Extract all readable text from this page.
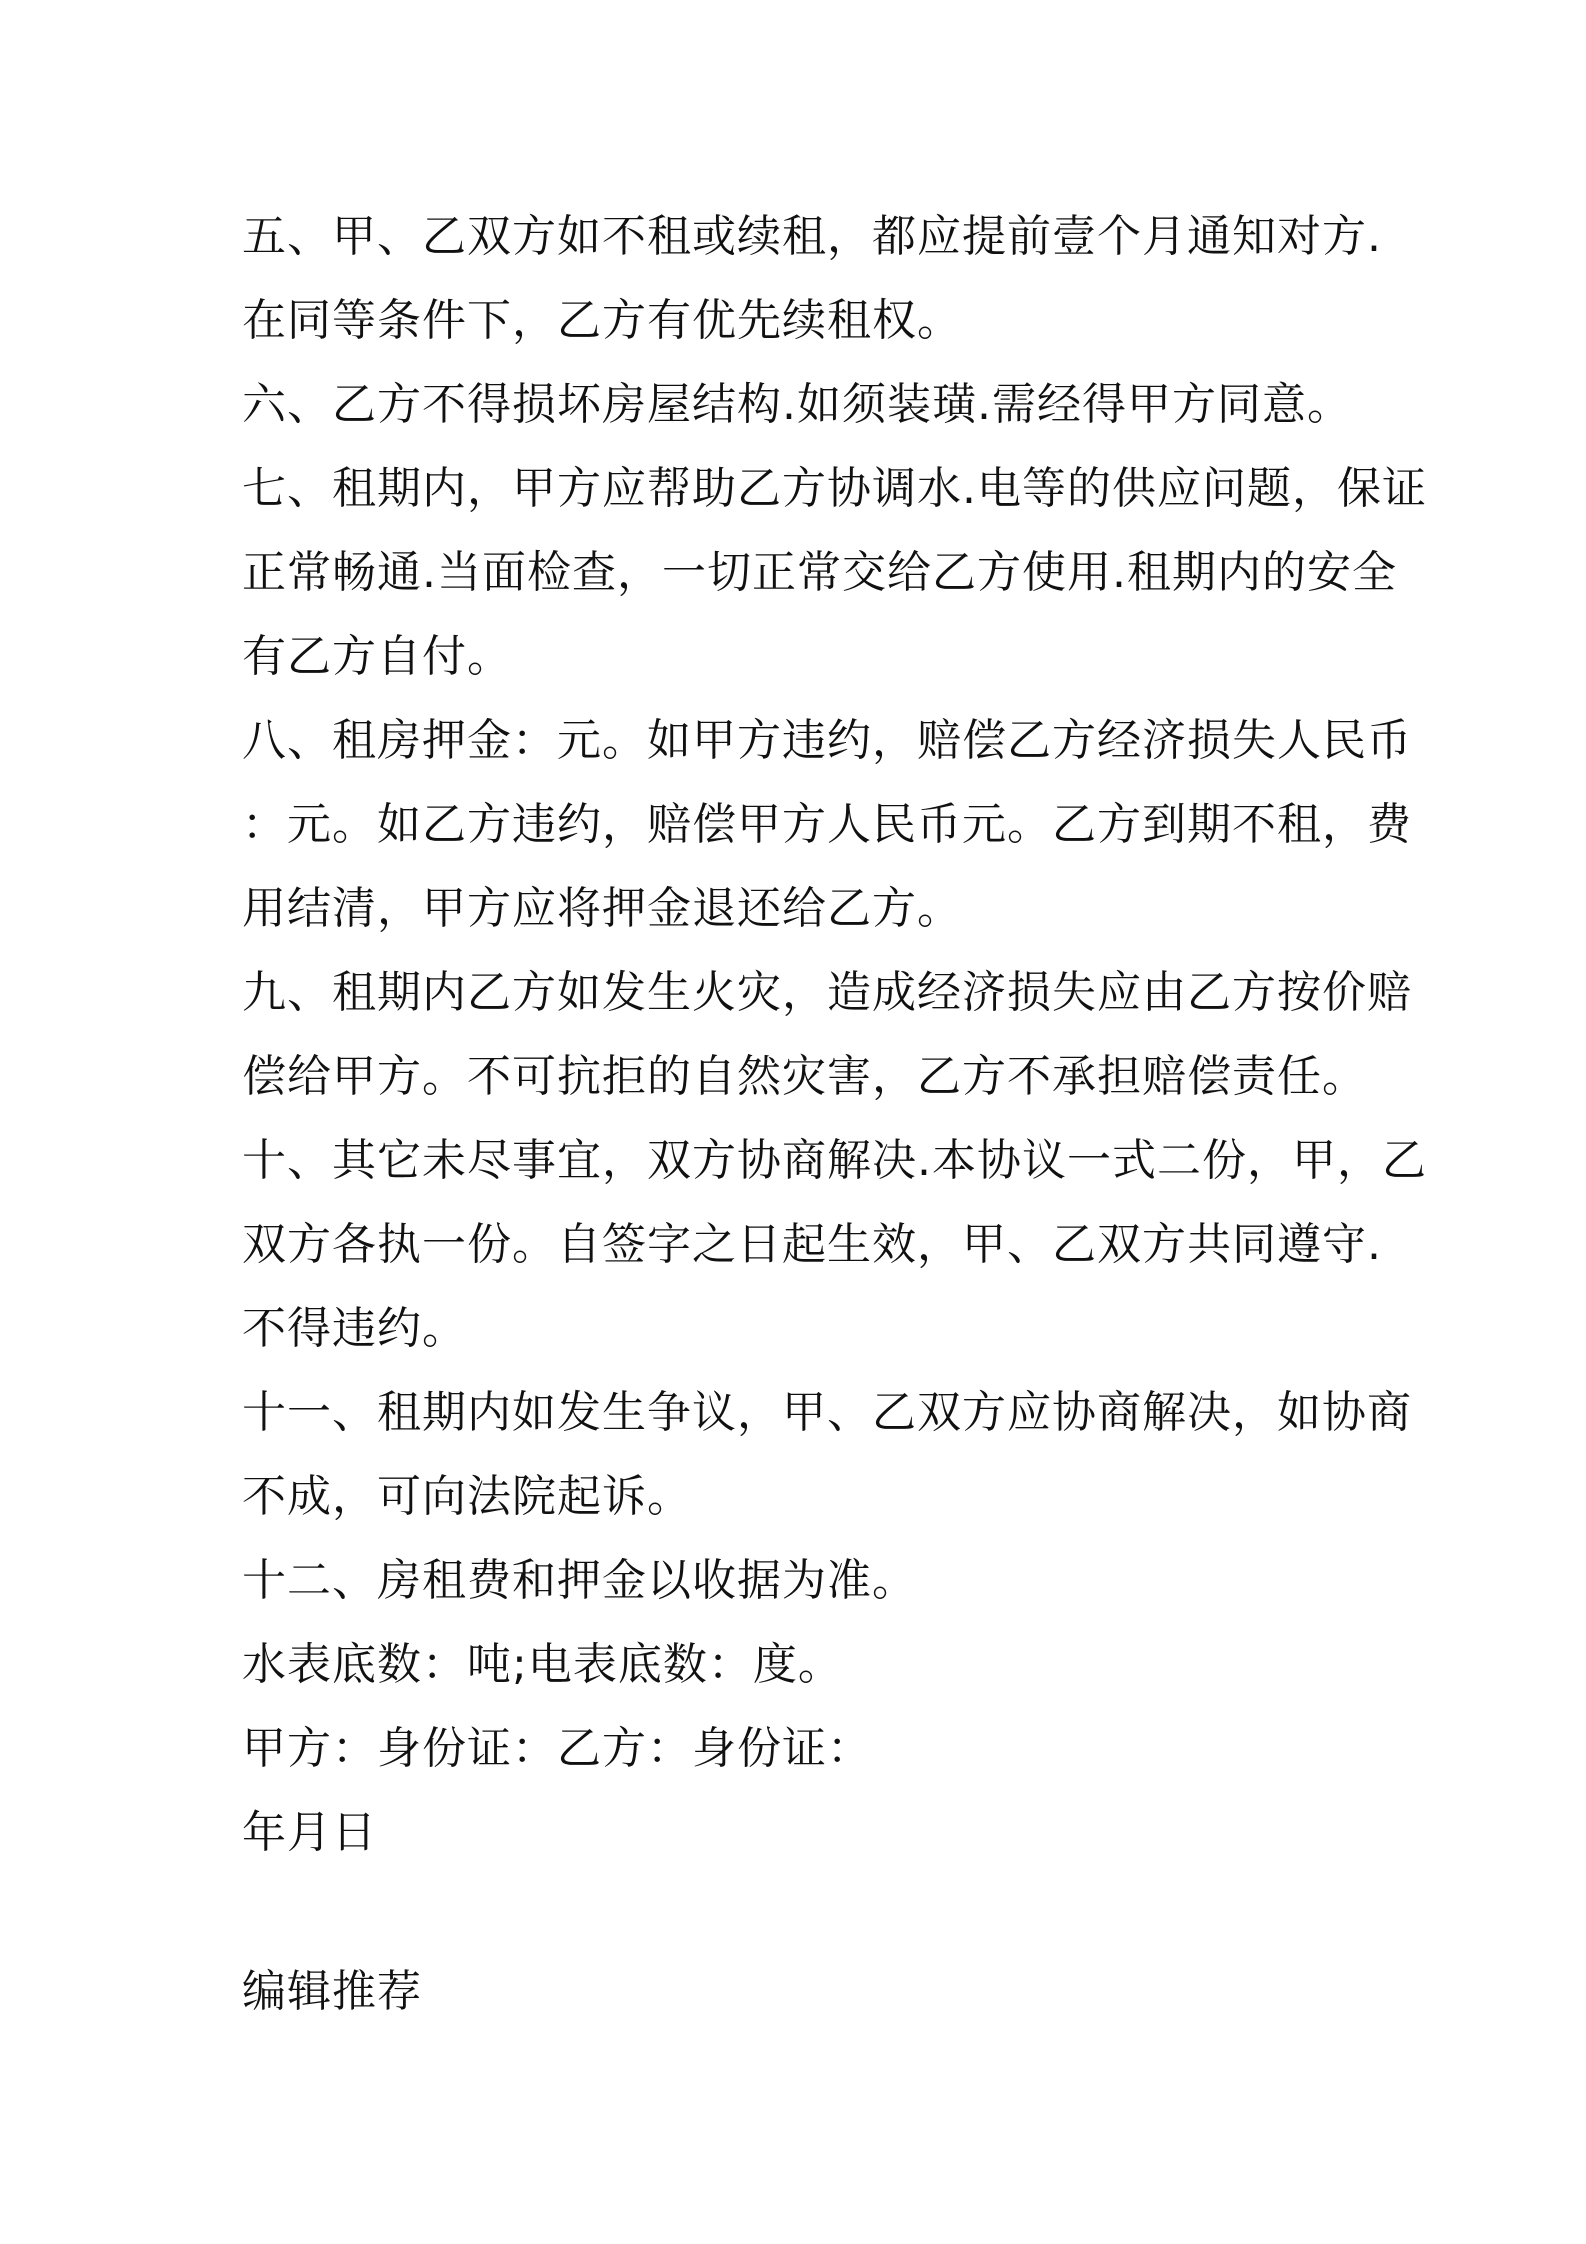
五、甲、乙双方如不租或续租，都应提前壹个月通知对方.
在同等条件下，乙方有优先续租权。
六、乙方不得损坏房屋结构.如须装璜.需经得甲方同意。
七、租期内，甲方应帮助乙方协调水.电等的供应问题，保证
正常畅通.当面检查，一切正常交给乙方使用.租期内的安全
有乙方自付。
八、租房押金：元。如甲方违约，赔偿乙方经济损失人民币
：元。如乙方违约，赔偿甲方人民币元。乙方到期不租，费
用结清，甲方应将押金退还给乙方。
九、租期内乙方如发生火灾，造成经济损失应由乙方按价赔
偿给甲方。不可抗拒的自然灾害，乙方不承担赔偿责任。
十、其它未尽事宜，双方协商解决.本协议一式二份，甲，乙
双方各执一份。自签字之日起生效，甲、乙双方共同遵守.
不得违约。
十一、租期内如发生争议，甲、乙双方应协商解决，如协商
不成，可向法院起诉。
十二、房租费和押金以收据为准。
水表底数：吨;电表底数：度。
甲方：身份证：乙方：身份证：
年月日
编辑推荐
